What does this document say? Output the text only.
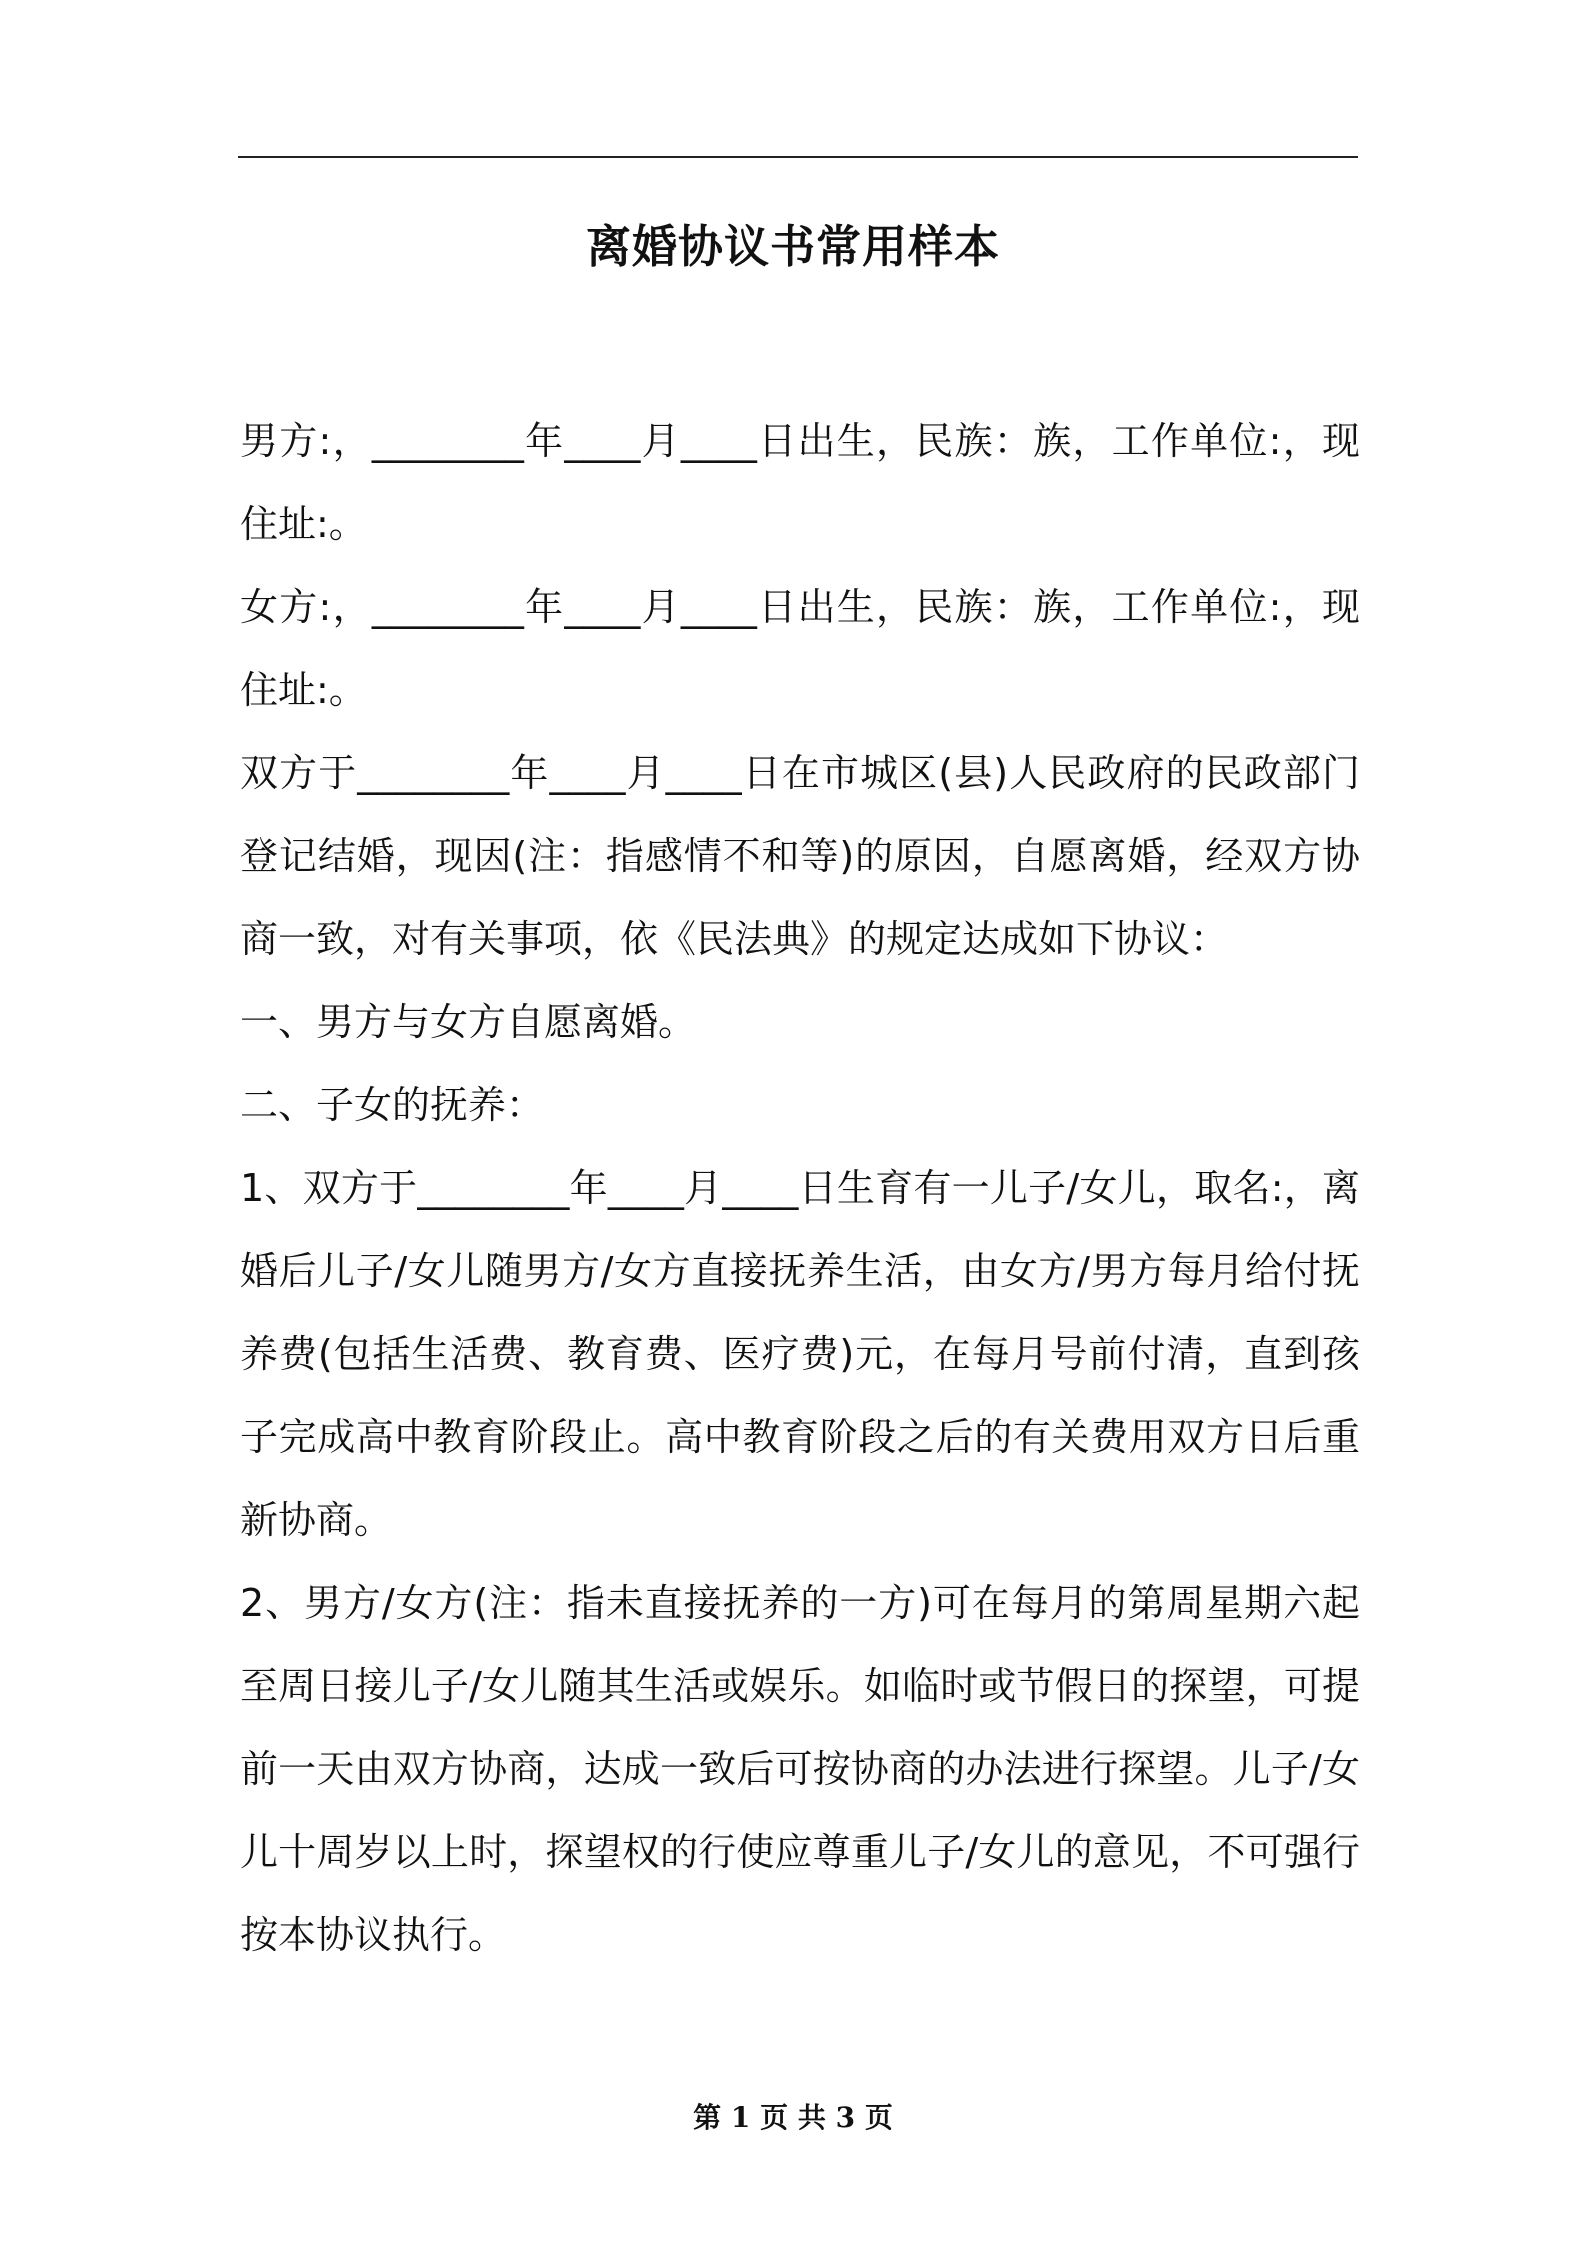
离婚协议书常用样本

男方:，________年____月____日出生，民族：族，工作单位:，现住址:。

女方:，________年____月____日出生，民族：族，工作单位:，现住址:。

双方于________年____月____日在市城区(县)人民政府的民政部门登记结婚，现因(注：指感情不和等)的原因，自愿离婚，经双方协商一致，对有关事项，依《民法典》的规定达成如下协议：

一、男方与女方自愿离婚。

二、子女的抚养：

1、双方于________年____月____日生育有一儿子/女儿，取名:，离婚后儿子/女儿随男方/女方直接抚养生活，由女方/男方每月给付抚养费(包括生活费、教育费、医疗费)元，在每月号前付清，直到孩子完成高中教育阶段止。高中教育阶段之后的有关费用双方日后重新协商。

2、男方/女方(注：指未直接抚养的一方)可在每月的第周星期六起至周日接儿子/女儿随其生活或娱乐。如临时或节假日的探望，可提前一天由双方协商，达成一致后可按协商的办法进行探望。儿子/女儿十周岁以上时，探望权的行使应尊重儿子/女儿的意见，不可强行按本协议执行。

第 1 页 共 3 页
